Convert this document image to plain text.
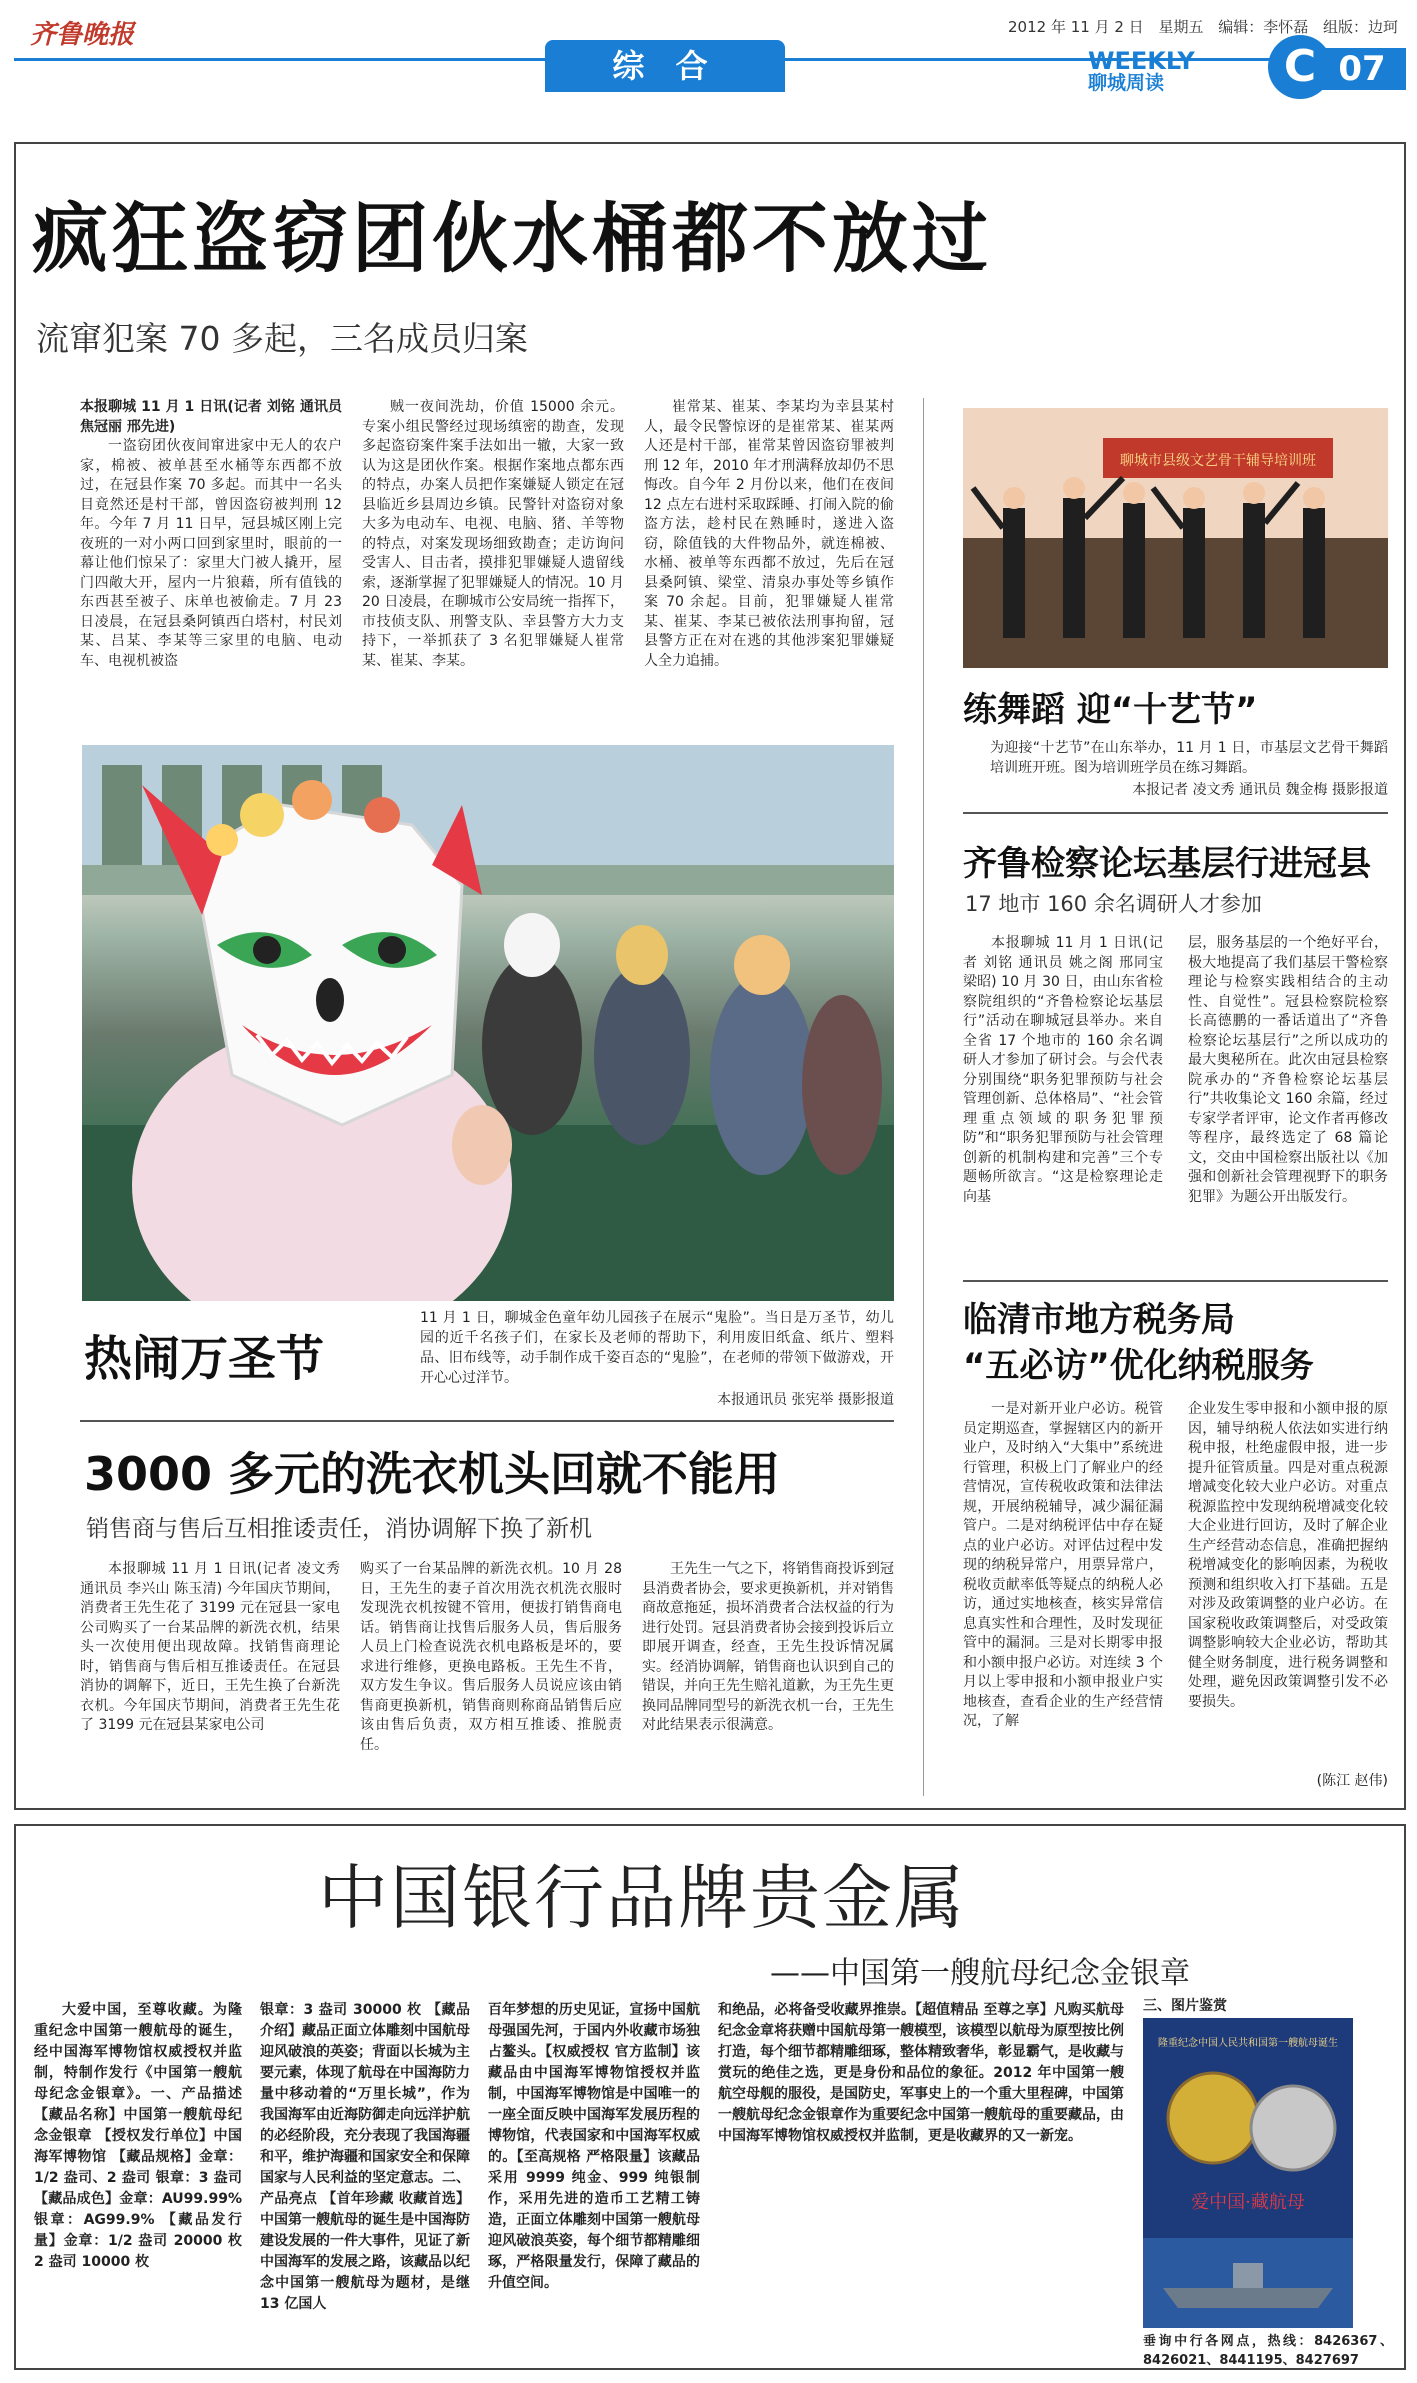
齐鲁晚报	2012 年 11 月 2 日 星期五 编辑：李怀磊 组版：边珂
综 合	WEEKLY
聊城周读	07
C
疯狂盗窃团伙水桶都不放过
流窜犯案 70 多起，三名成员归案

本报聊城 11 月 1 日讯(记者 刘铭 通讯员 焦冠丽 邢先进)

一盗窃团伙夜间窜进家中无人的农户家，棉被、被单甚至水桶等东西都不放过，在冠县作案 70 多起。而其中一名头目竟然还是村干部，曾因盗窃被判刑 12 年。今年 7 月 11 日早，冠县城区刚上完夜班的一对小两口回到家里时，眼前的一幕让他们惊呆了：家里大门被人撬开，屋门四敞大开，屋内一片狼藉，所有值钱的东西甚至被子、床单也被偷走。7 月 23 日凌晨，在冠县桑阿镇西白塔村，村民刘某、吕某、李某等三家里的电脑、电动车、电视机被盗

贼一夜间洗劫，价值 15000 余元。专案小组民警经过现场缜密的勘查，发现多起盗窃案件案手法如出一辙，大家一致认为这是团伙作案。根据作案地点都东西的特点，办案人员把作案嫌疑人锁定在冠县临近乡县周边乡镇。民警针对盗窃对象大多为电动车、电视、电脑、猪、羊等物的特点，对案发现场细致勘查；走访询问受害人、目击者，摸排犯罪嫌疑人遗留线索，逐渐掌握了犯罪嫌疑人的情况。10 月 20 日凌晨，在聊城市公安局统一指挥下，市技侦支队、刑警支队、幸县警方大力支持下，一举抓获了 3 名犯罪嫌疑人崔常某、崔某、李某。

崔常某、崔某、李某均为幸县某村人，最令民警惊讶的是崔常某、崔某两人还是村干部，崔常某曾因盗窃罪被判刑 12 年，2010 年才刑满释放却仍不思悔改。自今年 2 月份以来，他们在夜间 12 点左右进村采取踩睡、打闹入院的偷盗方法，趁村民在熟睡时，遂进入盗窃，除值钱的大件物品外，就连棉被、水桶、被单等东西都不放过，先后在冠县桑阿镇、梁堂、清泉办事处等乡镇作案 70 余起。目前，犯罪嫌疑人崔常某、崔某、李某已被依法刑事拘留，冠县警方正在对在逃的其他涉案犯罪嫌疑人全力追捕。

热闹万圣节
11 月 1 日，聊城金色童年幼儿园孩子在展示“鬼脸”。当日是万圣节，幼儿园的近千名孩子们，在家长及老师的帮助下，利用废旧纸盒、纸片、塑料品、旧布线等，动手制作成千姿百态的“鬼脸”，在老师的带领下做游戏，开开心心过洋节。
本报通讯员 张宪举 摄影报道
3000 多元的洗衣机头回就不能用
销售商与售后互相推诿责任，消协调解下换了新机

本报聊城 11 月 1 日讯(记者 凌文秀 通讯员 李兴山 陈玉清) 今年国庆节期间，消费者王先生花了 3199 元在冠县一家电公司购买了一台某品牌的新洗衣机，结果头一次使用便出现故障。找销售商理论时，销售商与售后相互推诿责任。在冠县消协的调解下，近日，王先生换了台新洗衣机。今年国庆节期间，消费者王先生花了 3199 元在冠县某家电公司

购买了一台某品牌的新洗衣机。10 月 28 日，王先生的妻子首次用洗衣机洗衣服时发现洗衣机按键不管用，便拔打销售商电话。销售商让找售后服务人员，售后服务人员上门检查说洗衣机电路板是坏的，要求进行维修，更换电路板。王先生不肯，双方发生争议。售后服务人员说应该由销售商更换新机，销售商则称商品销售后应该由售后负责，双方相互推诿、推脱责任。

王先生一气之下，将销售商投诉到冠县消费者协会，要求更换新机，并对销售商故意拖延，损坏消费者合法权益的行为进行处罚。冠县消费者协会接到投诉后立即展开调查，经查，王先生投诉情况属实。经消协调解，销售商也认识到自己的错误，并向王先生赔礼道歉，为王先生更换同品牌同型号的新洗衣机一台，王先生对此结果表示很满意。

聊城市县级文艺骨干辅导培训班
练舞蹈 迎“十艺节”
为迎接“十艺节”在山东举办，11 月 1 日，市基层文艺骨干舞蹈培训班开班。图为培训班学员在练习舞蹈。
本报记者 凌文秀 通讯员 魏金梅 摄影报道
齐鲁检察论坛基层行进冠县
17 地市 160 余名调研人才参加

本报聊城 11 月 1 日讯(记者 刘铭 通讯员 姚之阁 邢同宝 梁昭) 10 月 30 日，由山东省检察院组织的“齐鲁检察论坛基层行”活动在聊城冠县举办。来自全省 17 个地市的 160 余名调研人才参加了研讨会。与会代表分别围绕“职务犯罪预防与社会管理创新、总体格局”、“社会管理重点领域的职务犯罪预防”和“职务犯罪预防与社会管理创新的机制构建和完善”三个专题畅所欲言。“这是检察理论走向基

层，服务基层的一个绝好平台，极大地提高了我们基层干警检察理论与检察实践相结合的主动性、自觉性”。冠县检察院检察长高德鹏的一番话道出了“齐鲁检察论坛基层行”之所以成功的最大奥秘所在。此次由冠县检察院承办的“齐鲁检察论坛基层行”共收集论文 160 余篇，经过专家学者评审，论文作者再修改等程序，最终选定了 68 篇论文，交由中国检察出版社以《加强和创新社会管理视野下的职务犯罪》为题公开出版发行。

临清市地方税务局
“五必访”优化纳税服务

一是对新开业户必访。税管员定期巡查，掌握辖区内的新开业户，及时纳入“大集中”系统进行管理，积极上门了解业户的经营情况，宣传税收政策和法律法规，开展纳税辅导，减少漏征漏管户。二是对纳税评估中存在疑点的业户必访。对评估过程中发现的纳税异常户，用票异常户，税收贡献率低等疑点的纳税人必访，通过实地核查，核实异常信息真实性和合理性，及时发现征管中的漏洞。三是对长期零申报和小额申报户必访。对连续 3 个月以上零申报和小额申报业户实地核查，查看企业的生产经营情况，了解

企业发生零申报和小额申报的原因，辅导纳税人依法如实进行纳税申报，杜绝虚假申报，进一步提升征管质量。四是对重点税源增减变化较大业户必访。对重点税源监控中发现纳税增减变化较大企业进行回访，及时了解企业生产经营动态信息，准确把握纳税增减变化的影响因素，为税收预测和组织收入打下基础。五是对涉及政策调整的业户必访。在国家税收政策调整后，对受政策调整影响较大企业必访，帮助其健全财务制度，进行税务调整和处理，避免因政策调整引发不必要损失。

(陈江 赵伟)
中国银行品牌贵金属
——中国第一艘航母纪念金银章

大爱中国，至尊收藏。为隆重纪念中国第一艘航母的诞生，经中国海军博物馆权威授权并监制，特制作发行《中国第一艘航母纪念金银章》。一、产品描述 【藏品名称】中国第一艘航母纪念金银章 【授权发行单位】中国海军博物馆 【藏品规格】金章：1/2 盎司、2 盎司 银章：3 盎司 【藏品成色】金章：AU99.99% 银章：AG99.9% 【藏品发行量】金章：1/2 盎司 20000 枚 2 盎司 10000 枚

银章：3 盎司 30000 枚 【藏品介绍】藏品正面立体雕刻中国航母迎风破浪的英姿；背面以长城为主要元素，体现了航母在中国海防力量中移动着的“万里长城”，作为我国海军由近海防御走向远洋护航的必经阶段，充分表现了我国海疆和平，维护海疆和国家安全和保障国家与人民利益的坚定意志。二、产品亮点 【首年珍藏 收藏首选】中国第一艘航母的诞生是中国海防建设发展的一件大事件，见证了新中国海军的发展之路，该藏品以纪念中国第一艘航母为题材，是继 13 亿国人

百年梦想的历史见证，宣扬中国航母强国先河，于国内外收藏市场独占鳌头。【权威授权 官方监制】该藏品由中国海军博物馆授权并监制，中国海军博物馆是中国唯一的一座全面反映中国海军发展历程的博物馆，代表国家和中国海军权威的。【至高规格 严格限量】该藏品采用 9999 纯金、999 纯银制作，采用先进的造币工艺精工铸造，正面立体雕刻中国第一艘航母迎风破浪英姿，每个细节都精雕细琢，严格限量发行，保障了藏品的升值空间。

和绝品，必将备受收藏界推崇。【超值精品 至尊之享】凡购买航母纪念金章将获赠中国航母第一艘模型，该模型以航母为原型按比例打造，每个细节都精雕细琢，整体精致奢华，彰显霸气，是收藏与赏玩的绝佳之选，更是身份和品位的象征。2012 年中国第一艘航空母舰的服役，是国防史，军事史上的一个重大里程碑，中国第一艘航母纪念金银章作为重要纪念中国第一艘航母的重要藏品，由中国海军博物馆权威授权并监制，更是收藏界的又一新宠。

三、图片鉴赏
隆重纪念中国人民共和国第一艘航母诞生
爱中国·藏航母
垂询中行各网点，热线：8426367、8426021、8441195、8427697
